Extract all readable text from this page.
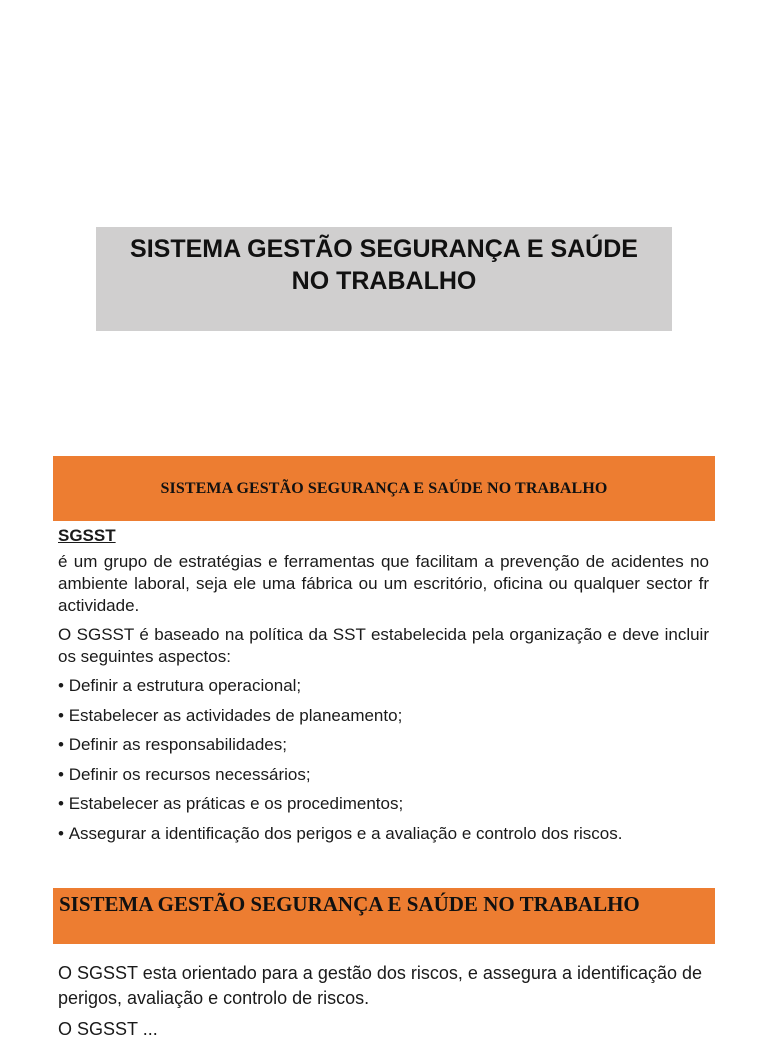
SISTEMA GESTÃO SEGURANÇA E SAÚDE
NO TRABALHO
SISTEMA GESTÃO SEGURANÇA E SAÚDE NO TRABALHO
SGSST

é um grupo de estratégias e ferramentas que facilitam a prevenção de acidentes no ambiente laboral, seja ele uma fábrica ou um escritório, oficina ou qualquer sector fr actividade.

O SGSST é baseado na política da SST estabelecida pela organização e deve incluir os seguintes aspectos:

• Definir a estrutura operacional;
• Estabelecer as actividades de planeamento;
• Definir as responsabilidades;
• Definir os recursos necessários;
• Estabelecer as práticas e os procedimentos;
• Assegurar a identificação dos perigos e a avaliação e controlo dos riscos.

SISTEMA GESTÃO SEGURANÇA E SAÚDE NO TRABALHO

O SGSST esta orientado para a gestão dos riscos, e assegura a identificação de perigos, avaliação e controlo de riscos.

O SGSST ...
